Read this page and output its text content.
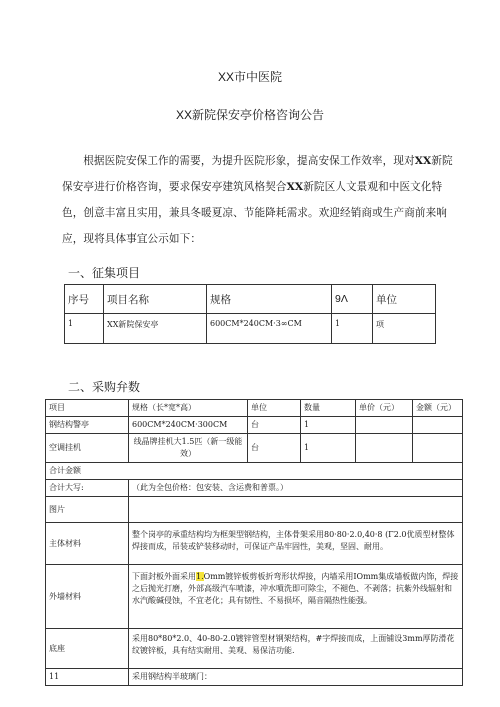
XX市中医院
XX新院保安亭价格咨询公告
根据医院安保工作的需要，为提升医院形象，提高安保工作效率，现对XX新院保安亭进行价格咨询，要求保安亭建筑风格契合XX新院区人文景观和中医文化特色，创意丰富且实用，兼具冬暖夏凉、节能降耗需求。欢迎经销商或生产商前来响应，现将具体事宜公示如下：
一、征集项目
序号	项目名称	规格	9Λ	单位
1	XX新院保安亭	600CM*240CM·3∞CM	1	项
二、采购弁数
项目	规格（长*宽*高）	单位	数量	单价（元）	金额（元）
钢结构警亭	600CM*240CM·300CM	台	1		
空调挂机	线晶牌挂机大1.5匹（新一级能效）	台	1		
合计金额					
合计大写:	（此为全包价格：包安装、含运费和普票。）				
图片					
主体材料	整个岗亭的承重结构均为框架型钢结构，主体骨架采用80·80·2.0,40·8 (Γ2.0优质型材整体焊接而成，吊装或铲装移动时，可保证产品牢固性，美观，坚固、耐用。				
外墙材料	下面封板外面采用1.Omm镀锌板剪板折弯形状焊接，内墙采用IOmm集成墙板做内饰，焊接之后抛光打磨，外部高级汽车喷漆，冲水噴洗即可除尘，不褪色、不剥落；抗紫外线辐射和水汽酸碱侵蚀，不宜老化；具有韧性、不易损坏，隔音隔热性能强。				
底座	采用80*80*2.0、40-80-2.0镀锌管型材钢架结构，#字焊接而成，上面铺设3mm厚防滑花纹镀锌板，具有结实耐用、美观、易保洁功能.				
11	采用钢结构半玻璃门：				
